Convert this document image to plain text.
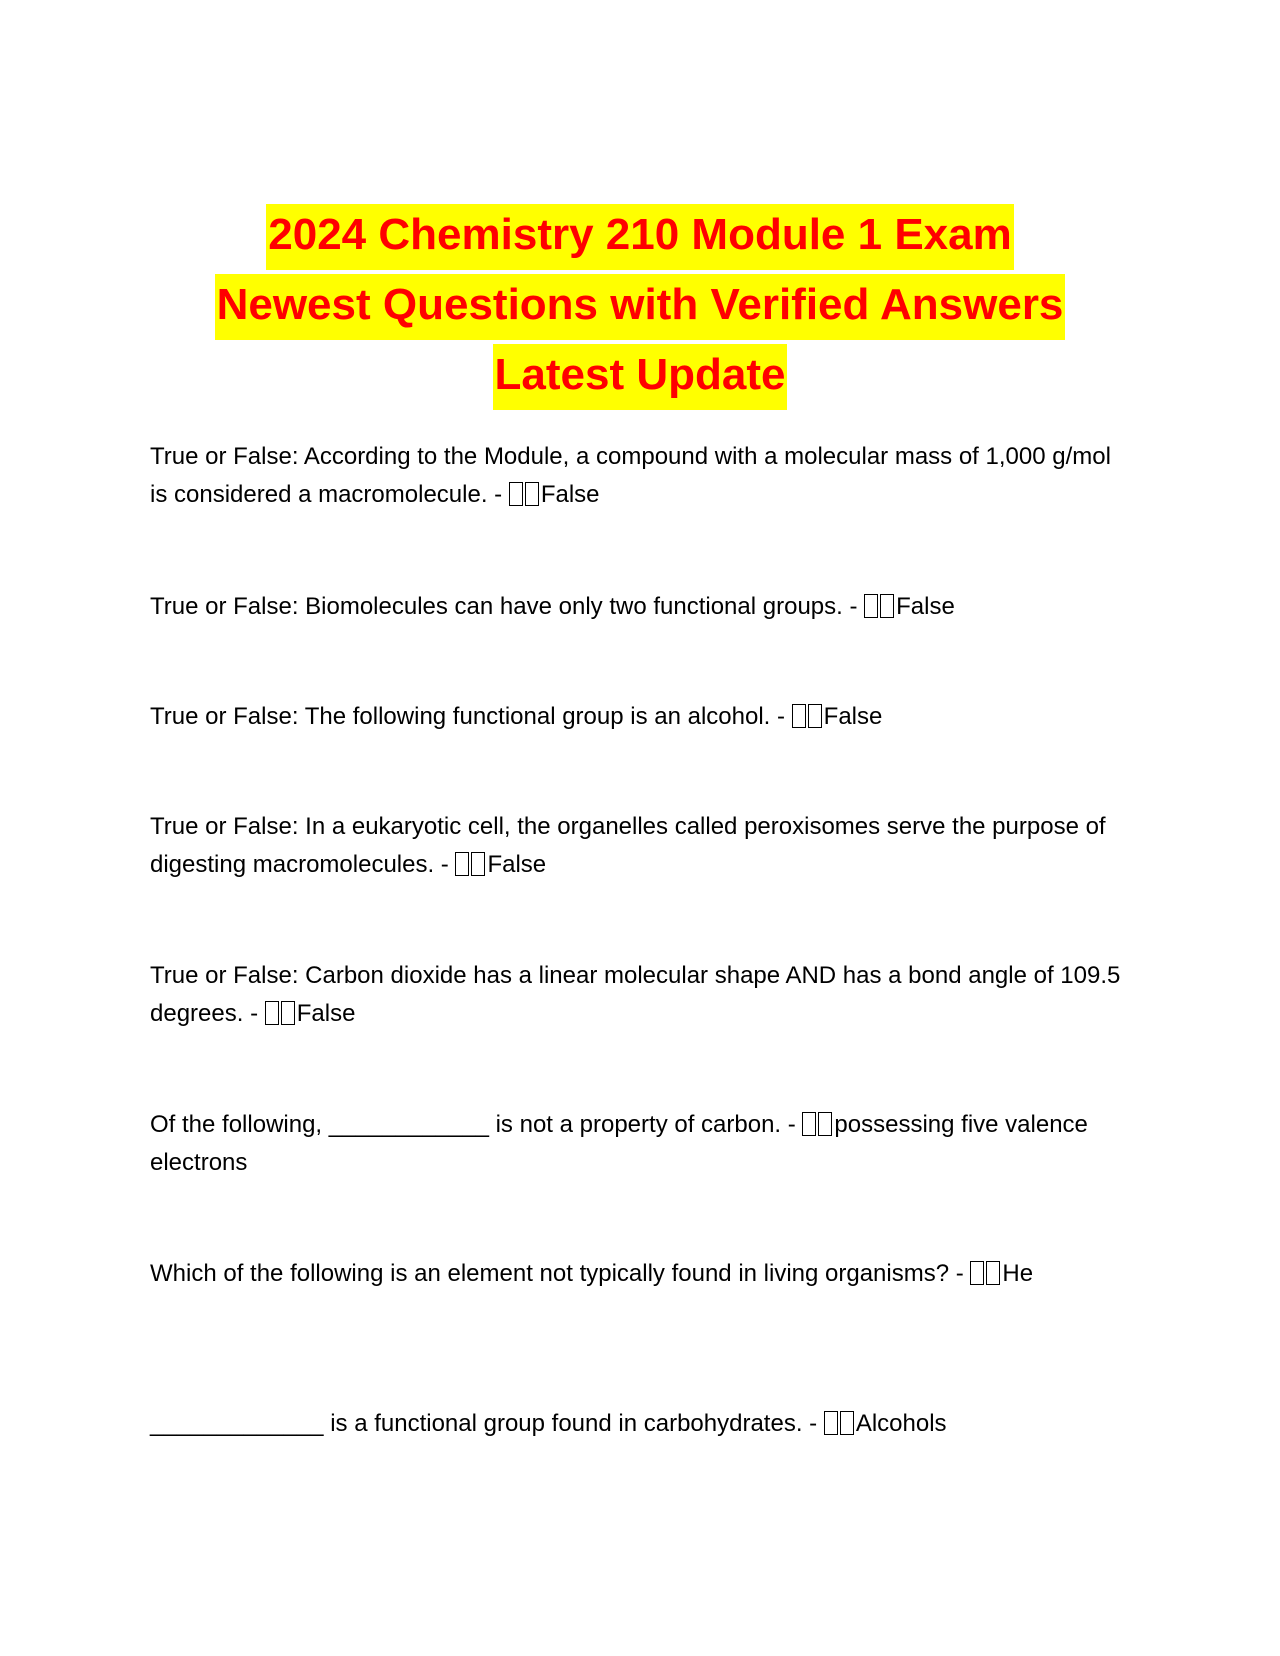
2024 Chemistry 210 Module 1 Exam
Newest Questions with Verified Answers
Latest Update

True or False: According to the Module, a compound with a molecular mass of 1,000 g/mol is considered a macromolecule. - False

True or False: Biomolecules can have only two functional groups. - False

True or False: The following functional group is an alcohol. - False

True or False: In a eukaryotic cell, the organelles called peroxisomes serve the purpose of digesting macromolecules. - False

True or False: Carbon dioxide has a linear molecular shape AND has a bond angle of 109.5 degrees. - False

Of the following, ____________ is not a property of carbon. - possessing five valence electrons

Which of the following is an element not typically found in living organisms? - He

_____________ is a functional group found in carbohydrates. - Alcohols
